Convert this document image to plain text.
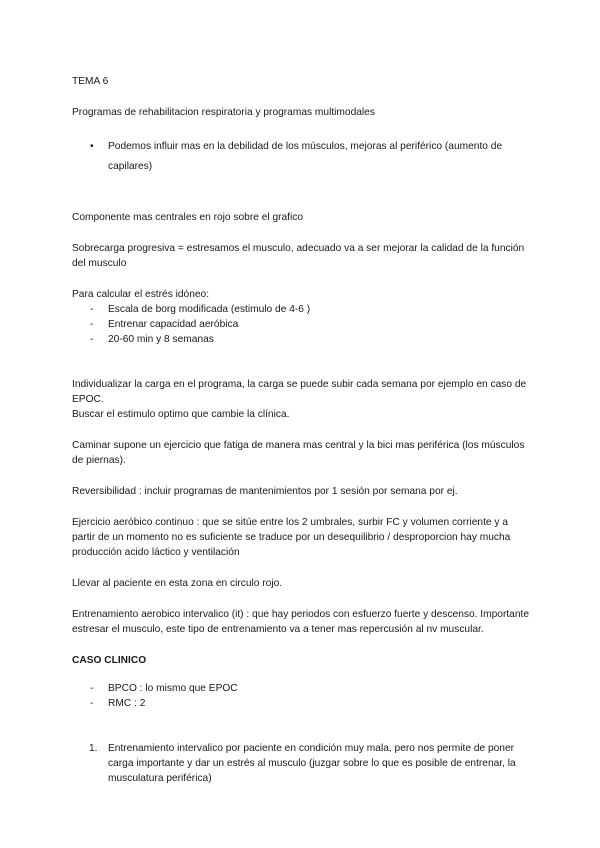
TEMA 6

Programas de rehabilitacion respiratoria y programas multimodales

• Podemos influir mas en la debilidad de los músculos, mejoras al periférico (aumento de capilares)

Componente mas centrales en rojo sobre el grafico

Sobrecarga progresiva = estresamos el musculo, adecuado va a ser mejorar la calidad de la función del musculo

Para calcular el estrés idóneo:

- Escala de borg modificada (estimulo de 4-6 )
- Entrenar capacidad aeróbica
- 20-60 min y 8 semanas

Individualizar la carga en el programa, la carga se puede subir cada semana por ejemplo en caso de EPOC.

Buscar el estimulo optimo que cambie la clínica.

Caminar supone un ejercicio que fatiga de manera mas central y la bici mas periférica (los músculos de piernas).

Reversibilidad : incluir programas de mantenimientos por 1 sesión por semana por ej.

Ejercicio aeróbico continuo : que se sitúe entre los 2 umbrales, surbir FC y volumen corriente y a partir de un momento no es suficiente se traduce por un desequilibrio / desproporcion hay mucha producción acido láctico y ventilación

Llevar al paciente en esta zona en circulo rojo.

Entrenamiento aerobico intervalico (it) : que hay periodos con esfuerzo fuerte y descenso. Importante estresar el musculo, este tipo de entrenamiento va a tener mas repercusión al nv muscular.

CASO CLINICO

- BPCO : lo mismo que EPOC
- RMC : 2
1. Entrenamiento intervalico por paciente en condición muy mala, pero nos permite de poner carga importante y dar un estrés al musculo (juzgar sobre lo que es posible de entrenar, la musculatura periférica)
